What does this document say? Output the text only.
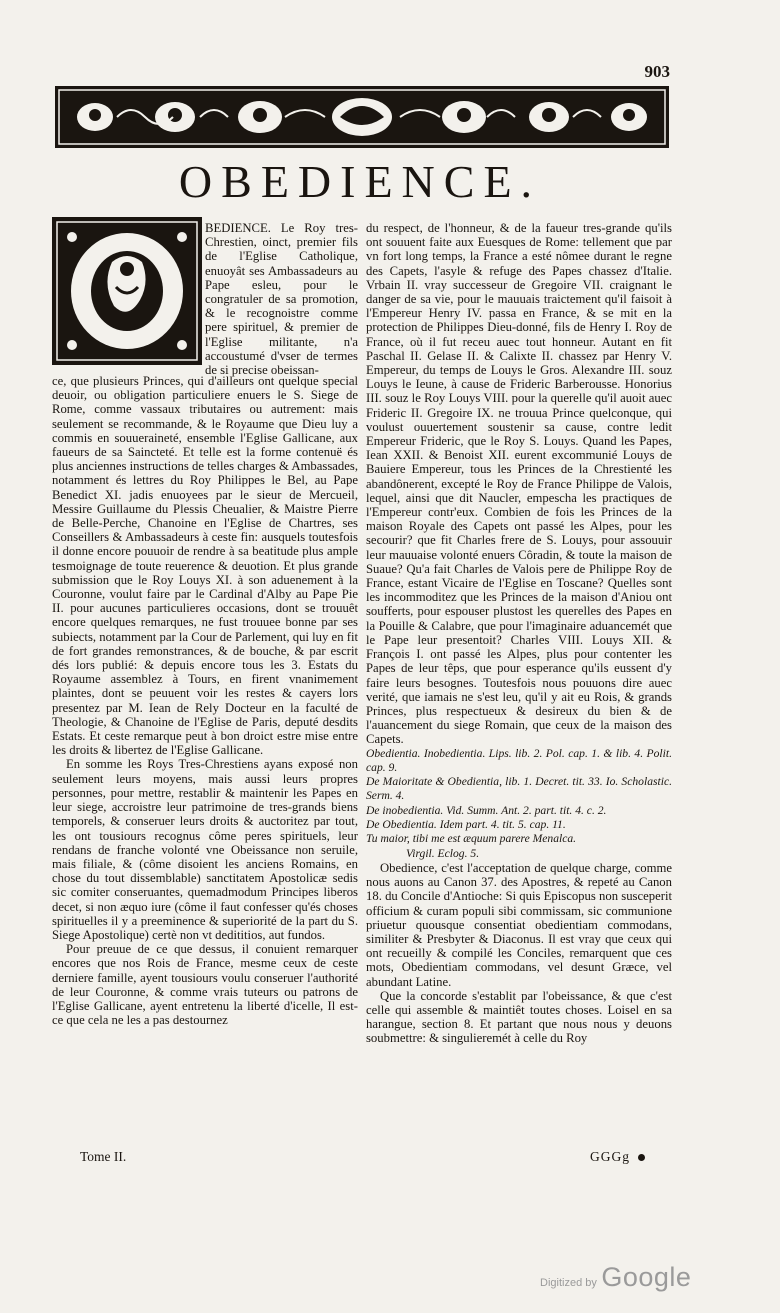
903
OBEDIENCE.

BEDIENCE. Le Roy tres-Chrestien, oinct, premier fils de l'Eglise Catholique, enuoyât ses Ambassadeurs au Pape esleu, pour le congratuler de sa promotion, & le recognoistre comme pere spirituel, & premier de l'Eglise militante, n'a accoustumé d'vser de termes de si precise obeissan-

ce, que plusieurs Princes, qui d'ailleurs ont quelque special deuoir, ou obligation particuliere enuers le S. Siege de Rome, comme vassaux tributaires ou autrement: mais seulement se recommande, & le Royaume que Dieu luy a commis en souueraineté, ensemble l'Eglise Gallicane, aux faueurs de sa Saincteté. Et telle est la forme contenuë és plus anciennes instructions de telles charges & Ambassades, notamment és lettres du Roy Philippes le Bel, au Pape Benedict XI. jadis enuoyees par le sieur de Mercueil, Messire Guillaume du Plessis Cheualier, & Maistre Pierre de Belle-Perche, Chanoine en l'Eglise de Chartres, ses Conseillers & Ambassadeurs à ceste fin: ausquels toutesfois il donne encore pouuoir de rendre à sa beatitude plus ample tesmoignage de toute reuerence & deuotion. Et plus grande submission que le Roy Louys XI. à son aduenement à la Couronne, voulut faire par le Cardinal d'Alby au Pape Pie II. pour aucunes particulieres occasions, dont se trouuêt encore quelques remarques, ne fust trouuee bonne par ses subiects, notamment par la Cour de Parlement, qui luy en fit de fort grandes remonstrances, & de bouche, & par escrit dés lors publié: & depuis encore tous les 3. Estats du Royaume assemblez à Tours, en firent vnanimement plaintes, dont se peuuent voir les restes & cayers lors presentez par M. Iean de Rely Docteur en la faculté de Theologie, & Chanoine de l'Eglise de Paris, deputé desdits Estats. Et ceste remarque peut à bon droict estre mise entre les droits & libertez de l'Eglise Gallicane.

En somme les Roys Tres-Chrestiens ayans exposé non seulement leurs moyens, mais aussi leurs propres personnes, pour mettre, restablir & maintenir les Papes en leur siege, accroistre leur patrimoine de tres-grands biens temporels, & conseruer leurs droits & auctoritez par tout, les ont tousiours recognus côme peres spirituels, leur rendans de franche volonté vne Obeissance non seruile, mais filiale, & (côme disoient les anciens Romains, en chose du tout dissemblable) sanctitatem Apostolicæ sedis sic comiter conseruantes, quemadmodum Principes liberos decet, si non æquo iure (côme il faut confesser qu'és choses spirituelles il y a preeminence & superiorité de la part du S. Siege Apostolique) certè non vt dedititios, aut fundos.

Pour preuue de ce que dessus, il conuient remarquer encores que nos Rois de France, mesme ceux de ceste derniere famille, ayent tousiours voulu conseruer l'authorité de leur Couronne, & comme vrais tuteurs ou patrons de l'Eglise Gallicane, ayent entretenu la liberté d'icelle, Il est-ce que cela ne les a pas destournez

du respect, de l'honneur, & de la faueur tres-grande qu'ils ont souuent faite aux Euesques de Rome: tellement que par vn fort long temps, la France a esté nômee durant le regne des Capets, l'asyle & refuge des Papes chassez d'Italie. Vrbain II. vray successeur de Gregoire VII. craignant le danger de sa vie, pour le mauuais traictement qu'il faisoit à l'Empereur Henry IV. passa en France, & se mit en la protection de Philippes Dieu-donné, fils de Henry I. Roy de France, où il fut receu auec tout honneur. Autant en fit Paschal II. Gelase II. & Calixte II. chassez par Henry V. Empereur, du temps de Louys le Gros. Alexandre III. souz Louys le Ieune, à cause de Frideric Barberousse. Honorius III. souz le Roy Louys VIII. pour la querelle qu'il auoit auec Frideric II. Gregoire IX. ne trouua Prince quelconque, qui voulust ouuertement soustenir sa cause, contre ledit Empereur Frideric, que le Roy S. Louys. Quand les Papes, Iean XXII. & Benoist XII. eurent excommunié Louys de Bauiere Empereur, tous les Princes de la Chrestienté les abandônerent, excepté le Roy de France Philippe de Valois, lequel, ainsi que dit Naucler, empescha les practiques de l'Empereur contr'eux. Combien de fois les Princes de la maison Royale des Capets ont passé les Alpes, pour les secourir? que fit Charles frere de S. Louys, pour assouuir leur mauuaise volonté enuers Côradin, & toute la maison de Suaue? Qu'a fait Charles de Valois pere de Philippe Roy de France, estant Vicaire de l'Eglise en Toscane? Quelles sont les incommoditez que les Princes de la maison d'Aniou ont soufferts, pour espouser plustost les querelles des Papes en la Pouille & Calabre, que pour l'imaginaire aduancemét que le Pape leur presentoit? Charles VIII. Louys XII. & François I. ont passé les Alpes, plus pour contenter les Papes de leur têps, que pour esperance qu'ils eussent d'y faire leurs besognes. Toutesfois nous pouuons dire auec verité, que iamais ne s'est leu, qu'il y ait eu Rois, & grands Princes, plus respectueux & desireux du bien & de l'auancement du siege Romain, que ceux de la maison des Capets.

Obedientia. Inobedientia. Lips. lib. 2. Pol. cap. 1. & lib. 4. Polit. cap. 9.
De Maioritate & Obedientia, lib. 1. Decret. tit. 33. Io. Scholastic. Serm. 4.
De inobedientia. Vid. Summ. Ant. 2. part. tit. 4. c. 2.
De Obedientia. Idem part. 4. tit. 5. cap. 11.
Tu maior, tibi me est æquum parere Menalca.
Virgil. Eclog. 5.

Obedience, c'est l'acceptation de quelque charge, comme nous auons au Canon 37. des Apostres, & repeté au Canon 18. du Concile d'Antioche: Si quis Episcopus non susceperit officium & curam populi sibi commissam, sic communione priuetur quousque consentiat obedientiam commodans, similiter & Presbyter & Diaconus. Il est vray que ceux qui ont recueilly & compilé les Conciles, remarquent que ces mots, Obedientiam commodans, vel desunt Græce, vel abundant Latine.

Que la concorde s'establit par l'obeissance, & que c'est celle qui assemble & maintiêt toutes choses. Loisel en sa harangue, section 8. Et partant que nous nous y deuons soubmettre: & singulieremét à celle du Roy

Tome II.	GGGg
Digitized by Google
